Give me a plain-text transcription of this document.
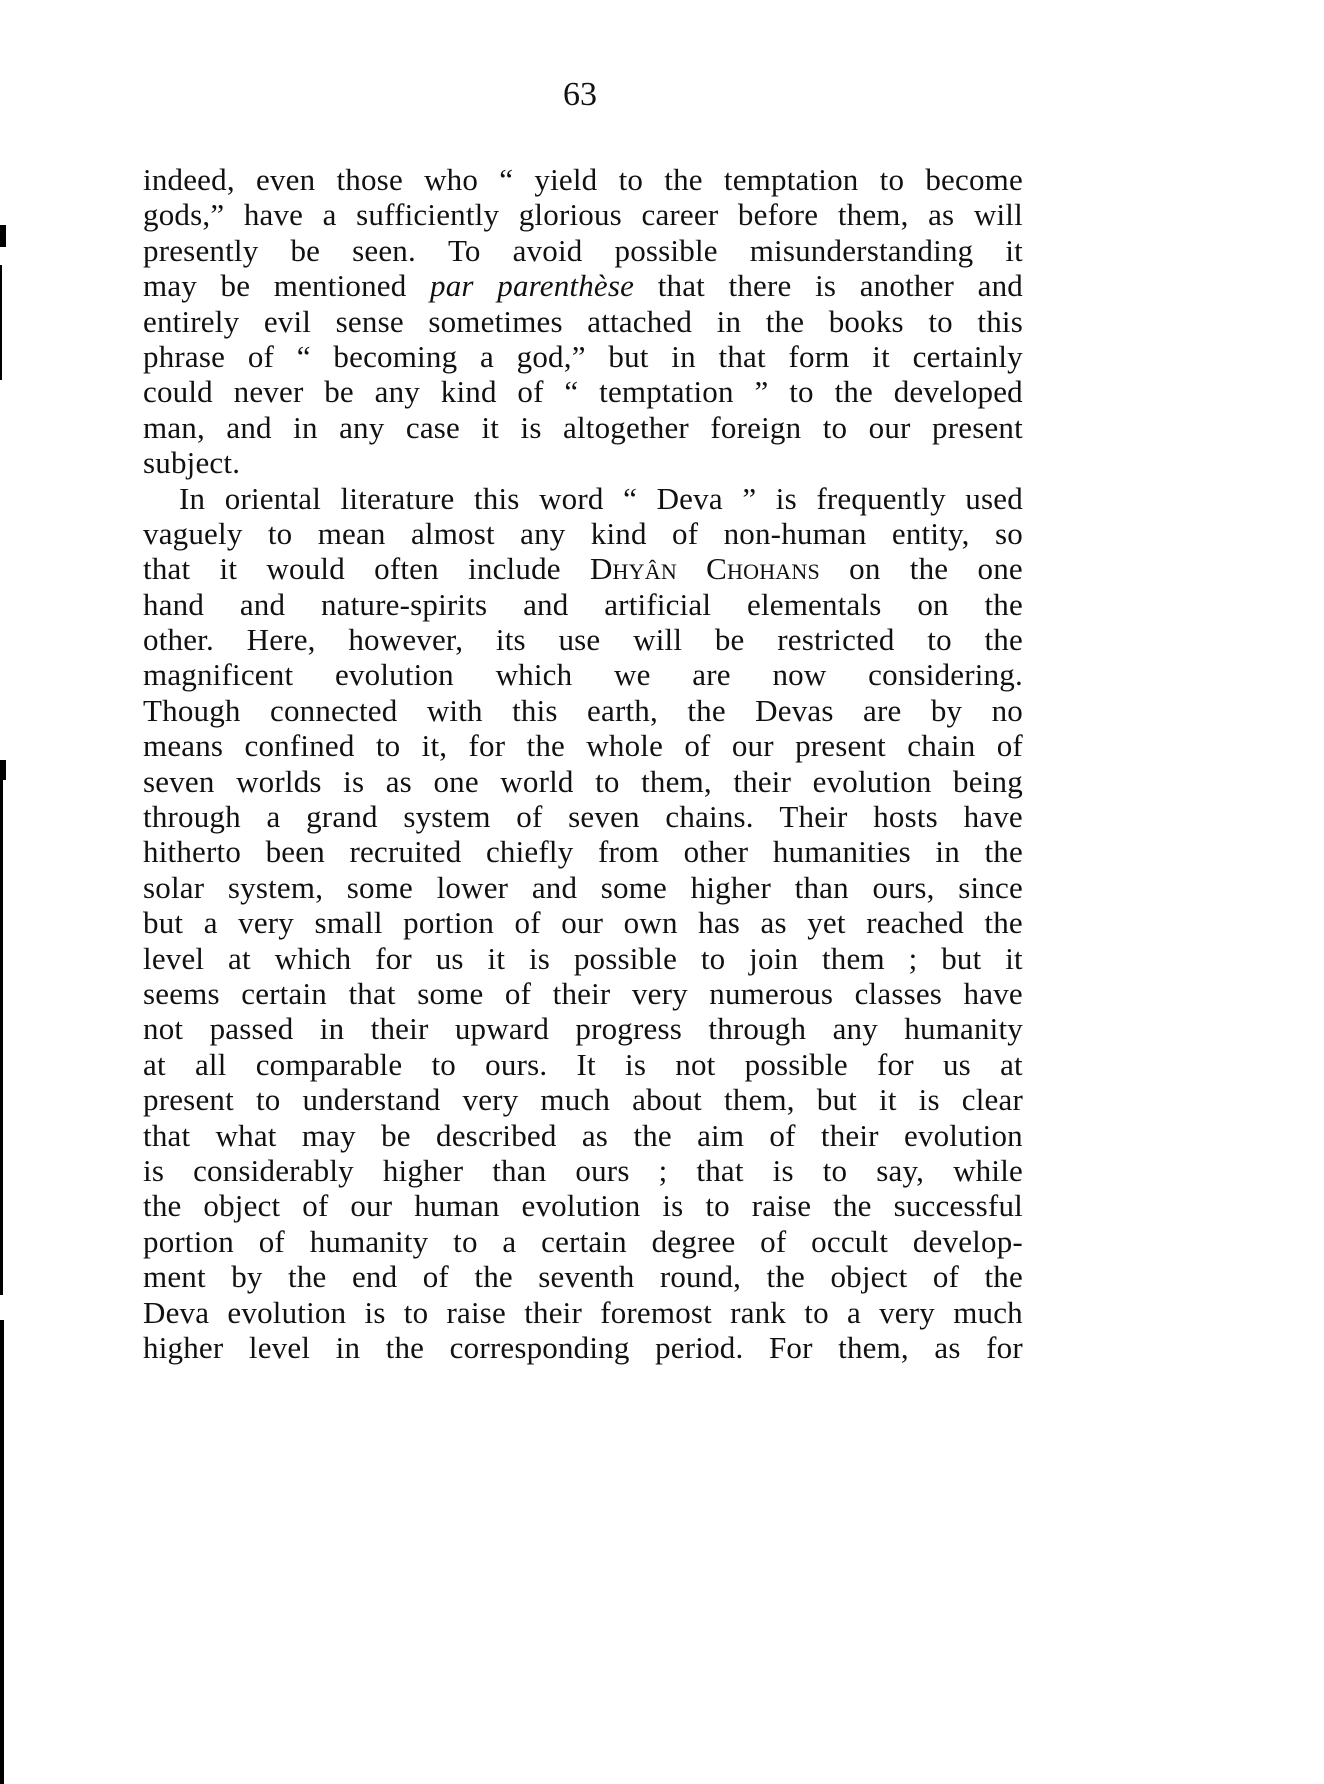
63
indeed, even those who “ yield to the temptation to become
gods,” have a sufficiently glorious career before them, as will
presently be seen. To avoid possible misunderstanding it
may be mentioned par parenthèse that there is another and
entirely evil sense sometimes attached in the books to this
phrase of “ becoming a god,” but in that form it certainly
could never be any kind of “ temptation ” to the developed
man, and in any case it is altogether foreign to our present
subject.
In oriental literature this word “ Deva ” is frequently used
vaguely to mean almost any kind of non-human entity, so
that it would often include Dhyân Chohans on the one
hand and nature-spirits and artificial elementals on the
other. Here, however, its use will be restricted to the
magnificent evolution which we are now considering.
Though connected with this earth, the Devas are by no
means confined to it, for the whole of our present chain of
seven worlds is as one world to them, their evolution being
through a grand system of seven chains. Their hosts have
hitherto been recruited chiefly from other humanities in the
solar system, some lower and some higher than ours, since
but a very small portion of our own has as yet reached the
level at which for us it is possible to join them ; but it
seems certain that some of their very numerous classes have
not passed in their upward progress through any humanity
at all comparable to ours. It is not possible for us at
present to understand very much about them, but it is clear
that what may be described as the aim of their evolution
is considerably higher than ours ; that is to say, while
the object of our human evolution is to raise the successful
portion of humanity to a certain degree of occult develop-
ment by the end of the seventh round, the object of the
Deva evolution is to raise their foremost rank to a very much
higher level in the corresponding period. For them, as for
